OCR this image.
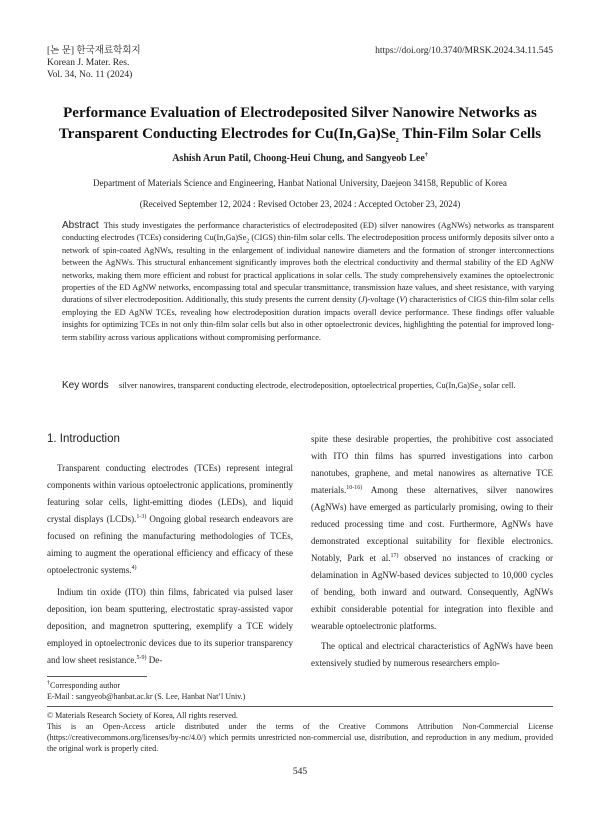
[논 문] 한국재료학회지
Korean J. Mater. Res.
Vol. 34, No. 11 (2024)
https://doi.org/10.3740/MRSK.2024.34.11.545
Performance Evaluation of Electrodeposited Silver Nanowire Networks as
Transparent Conducting Electrodes for $Cu(In,Ga)Se_2$ Thin-Film Solar Cells
Ashish Arun Patil, Choong-Heui Chung, and Sangyeob Lee†
Department of Materials Science and Engineering, Hanbat National University, Daejeon 34158, Republic of Korea
(Received September 12, 2024 : Revised October 23, 2024 : Accepted October 23, 2024)
Abstract This study investigates the performance characteristics of electrodeposited (ED) silver nanowires (AgNWs) networks as transparent conducting electrodes (TCEs) considering $Cu(In,Ga)Se_2$ (CIGS) thin-film solar cells. The electrodeposition process uniformly deposits silver onto a network of spin-coated AgNWs, resulting in the enlargement of individual nanowire diameters and the formation of stronger interconnections between the AgNWs. This structural enhancement significantly improves both the electrical conductivity and thermal stability of the ED AgNW networks, making them more efficient and robust for practical applications in solar cells. The study comprehensively examines the optoelectronic properties of the ED AgNW networks, encompassing total and specular transmittance, transmission haze values, and sheet resistance, with varying durations of silver electrodeposition. Additionally, this study presents the current density (J)-voltage (V) characteristics of CIGS thin-film solar cells employing the ED AgNW TCEs, revealing how electrodeposition duration impacts overall device performance. These findings offer valuable insights for optimizing TCEs in not only thin-film solar cells but also in other optoelectronic devices, highlighting the potential for improved long-term stability across various applications without compromising performance.
Key words silver nanowires, transparent conducting electrode, electrodeposition, optoelectrical properties, $Cu(In,Ga)Se_2$ solar cell.
1. Introduction

Transparent conducting electrodes (TCEs) represent integral components within various optoelectronic applications, prominently featuring solar cells, light-emitting diodes (LEDs), and liquid crystal displays (LCDs).$^{1-3)}$ Ongoing global research endeavors are focused on refining the manufacturing methodologies of TCEs, aiming to augment the operational efficiency and efficacy of these optoelectronic systems.$^{4)}$

Indium tin oxide (ITO) thin films, fabricated via pulsed laser deposition, ion beam sputtering, electrostatic spray-assisted vapor deposition, and magnetron sputtering, exemplify a TCE widely employed in optoelectronic devices due to its superior transparency and low sheet resistance.$^{5-9)}$ De-

spite these desirable properties, the prohibitive cost associated with ITO thin films has spurred investigations into carbon nanotubes, graphene, and metal nanowires as alternative TCE materials.$^{10-16)}$ Among these alternatives, silver nanowires (AgNWs) have emerged as particularly promising, owing to their reduced processing time and cost. Furthermore, AgNWs have demonstrated exceptional suitability for flexible electronics. Notably, Park et al.$^{17)}$ observed no instances of cracking or delamination in AgNW-based devices subjected to 10,000 cycles of bending, both inward and outward. Consequently, AgNWs exhibit considerable potential for integration into flexible and wearable optoelectronic platforms.

The optical and electrical characteristics of AgNWs have been extensively studied by numerous researchers emplo-

†Corresponding author
E-Mail : sangyeob@hanbat.ac.kr (S. Lee, Hanbat Nat’l Univ.)
© Materials Research Society of Korea, All rights reserved.
This is an Open-Access article distributed under the terms of the Creative Commons Attribution Non-Commercial License (https://creativecommons.org/licenses/by-nc/4.0/) which permits unrestricted non-commercial use, distribution, and reproduction in any medium, provided the original work is properly cited.
545
